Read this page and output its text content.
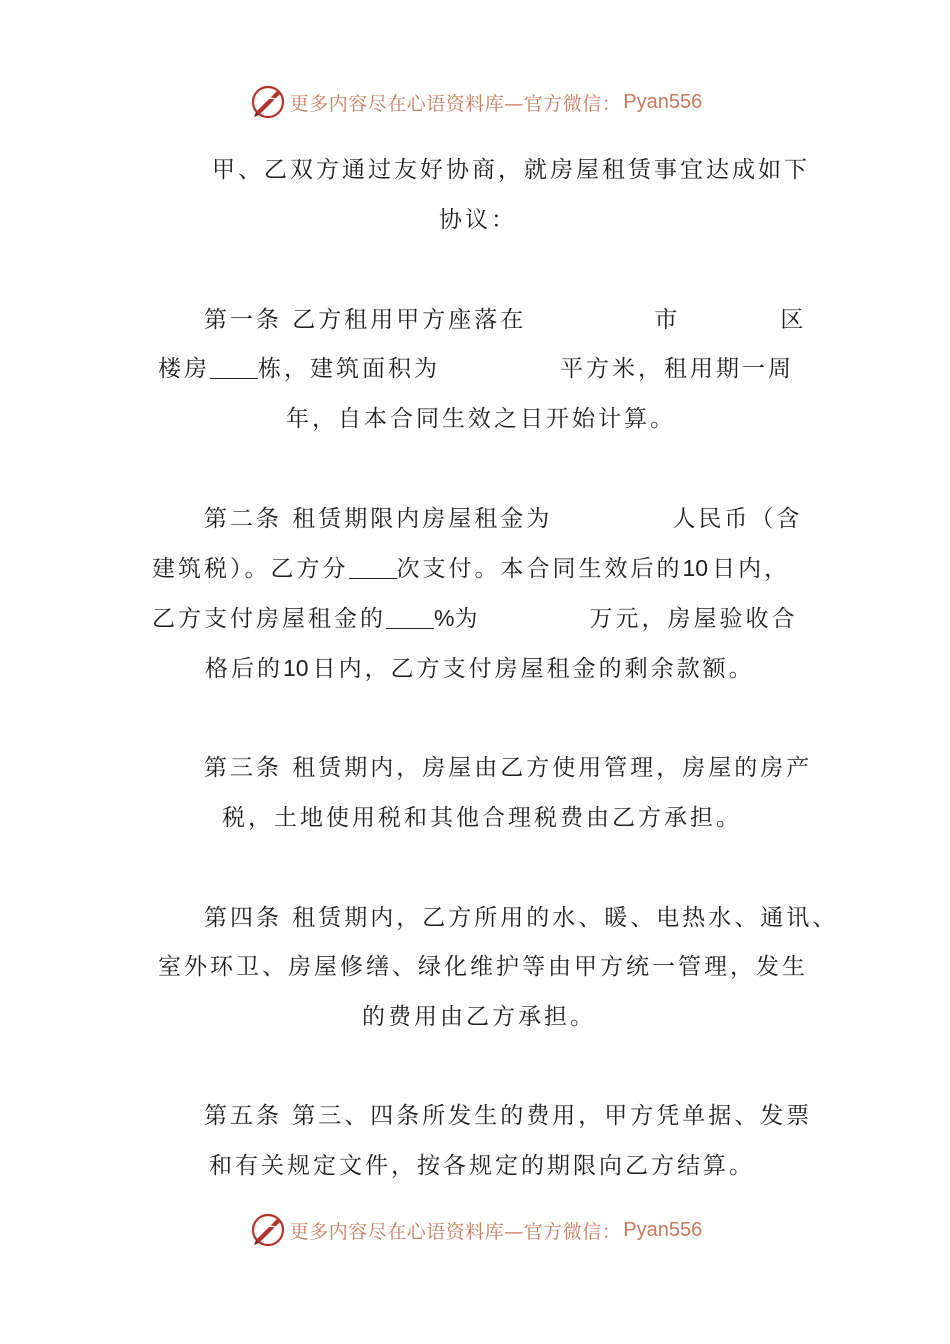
更多内容尽在心语资料库—官方微信： Pyan556
甲、乙双方通过友好协商，就房屋租赁事宜达成如下
协议：
第一条 乙方租用甲方座落在	市	区
楼房 栋，建筑面积为	平方米，租用期一周
年，自本合同生效之日开始计算。
第二条 租赁期限内房屋租金为	人民币（含
建筑税）。乙方分 次支付。本合同生效后的10 日内，
乙方支付房屋租金的 %为	万元，房屋验收合
格后的10 日内，乙方支付房屋租金的剩余款额。
第三条 租赁期内，房屋由乙方使用管理，房屋的房产
税，土地使用税和其他合理税费由乙方承担。
第四条 租赁期内，乙方所用的水、暖、电热水、通讯、
室外环卫、房屋修缮、绿化维护等由甲方统一管理，发生
的费用由乙方承担。
第五条 第三、四条所发生的费用，甲方凭单据、发票
和有关规定文件，按各规定的期限向乙方结算。
更多内容尽在心语资料库—官方微信： Pyan556
